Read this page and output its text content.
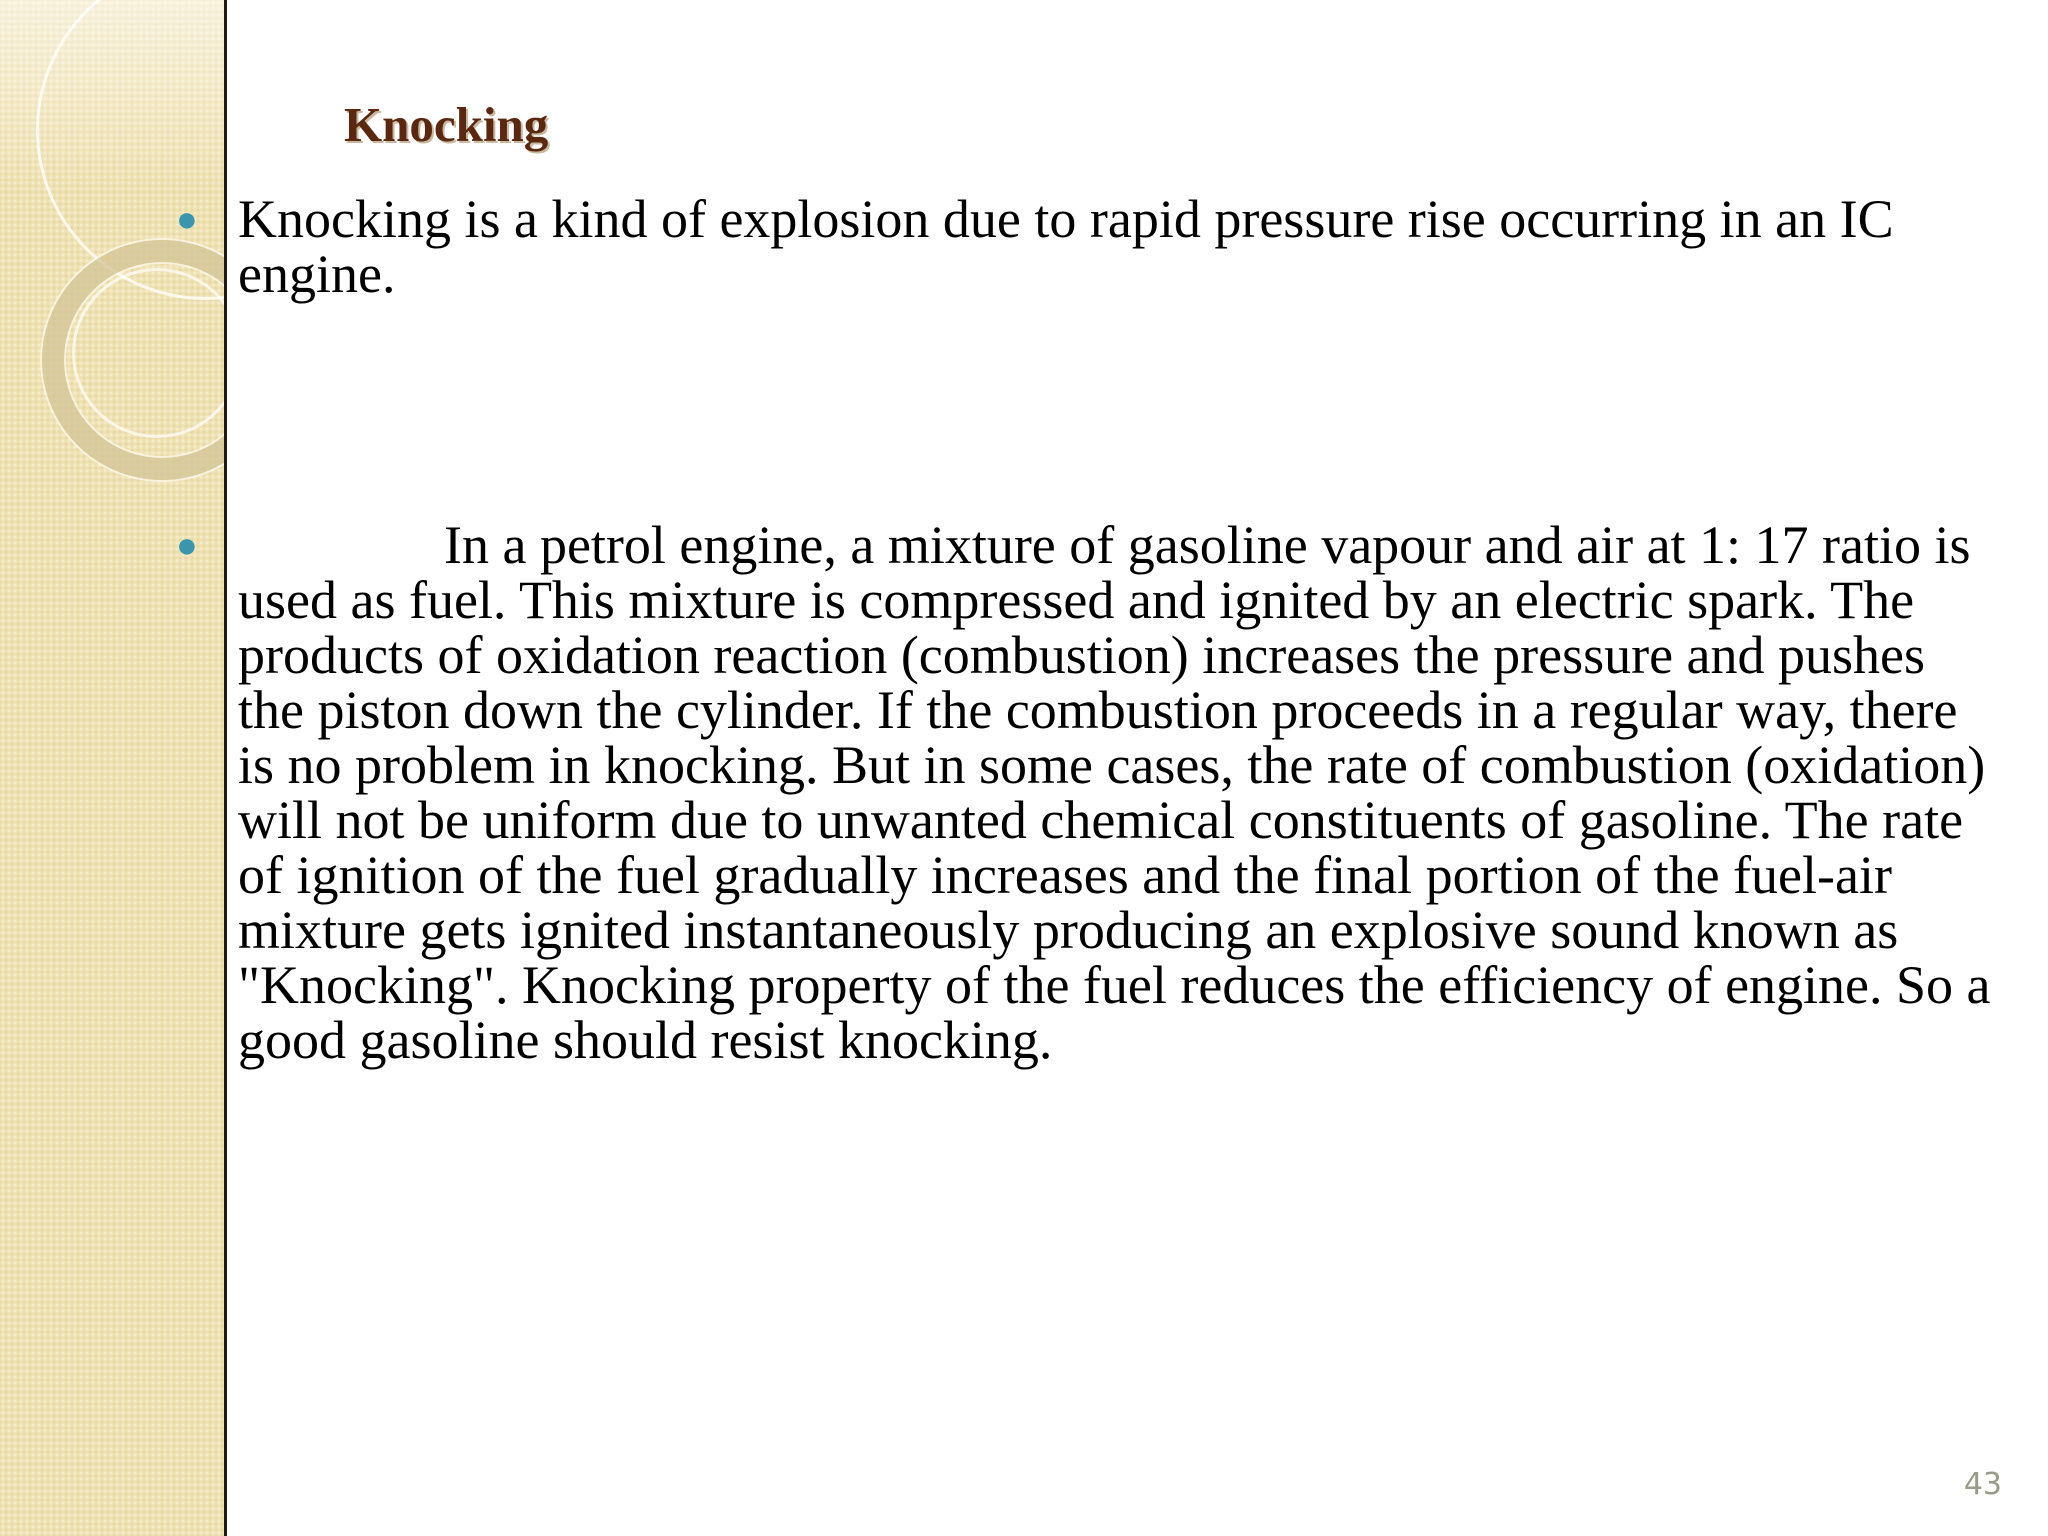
Knocking
● Knocking is a kind of explosion due to rapid pressure rise occurring in an IC engine.
●	In a petrol engine, a mixture of gasoline vapour and air at 1: 17 ratio is used as fuel. This mixture is compressed and ignited by an electric spark. The products of oxidation reaction (combustion) increases the pressure and pushes the piston down the cylinder. If the combustion proceeds in a regular way, there is no problem in knocking. But in some cases, the rate of combustion (oxidation) will not be uniform due to unwanted chemical constituents of gasoline. The rate of ignition of the fuel gradually increases and the final portion of the fuel-air mixture gets ignited instantaneously producing an explosive sound known as "Knocking". Knocking property of the fuel reduces the efficiency of engine. So a good gasoline should resist knocking.
43
